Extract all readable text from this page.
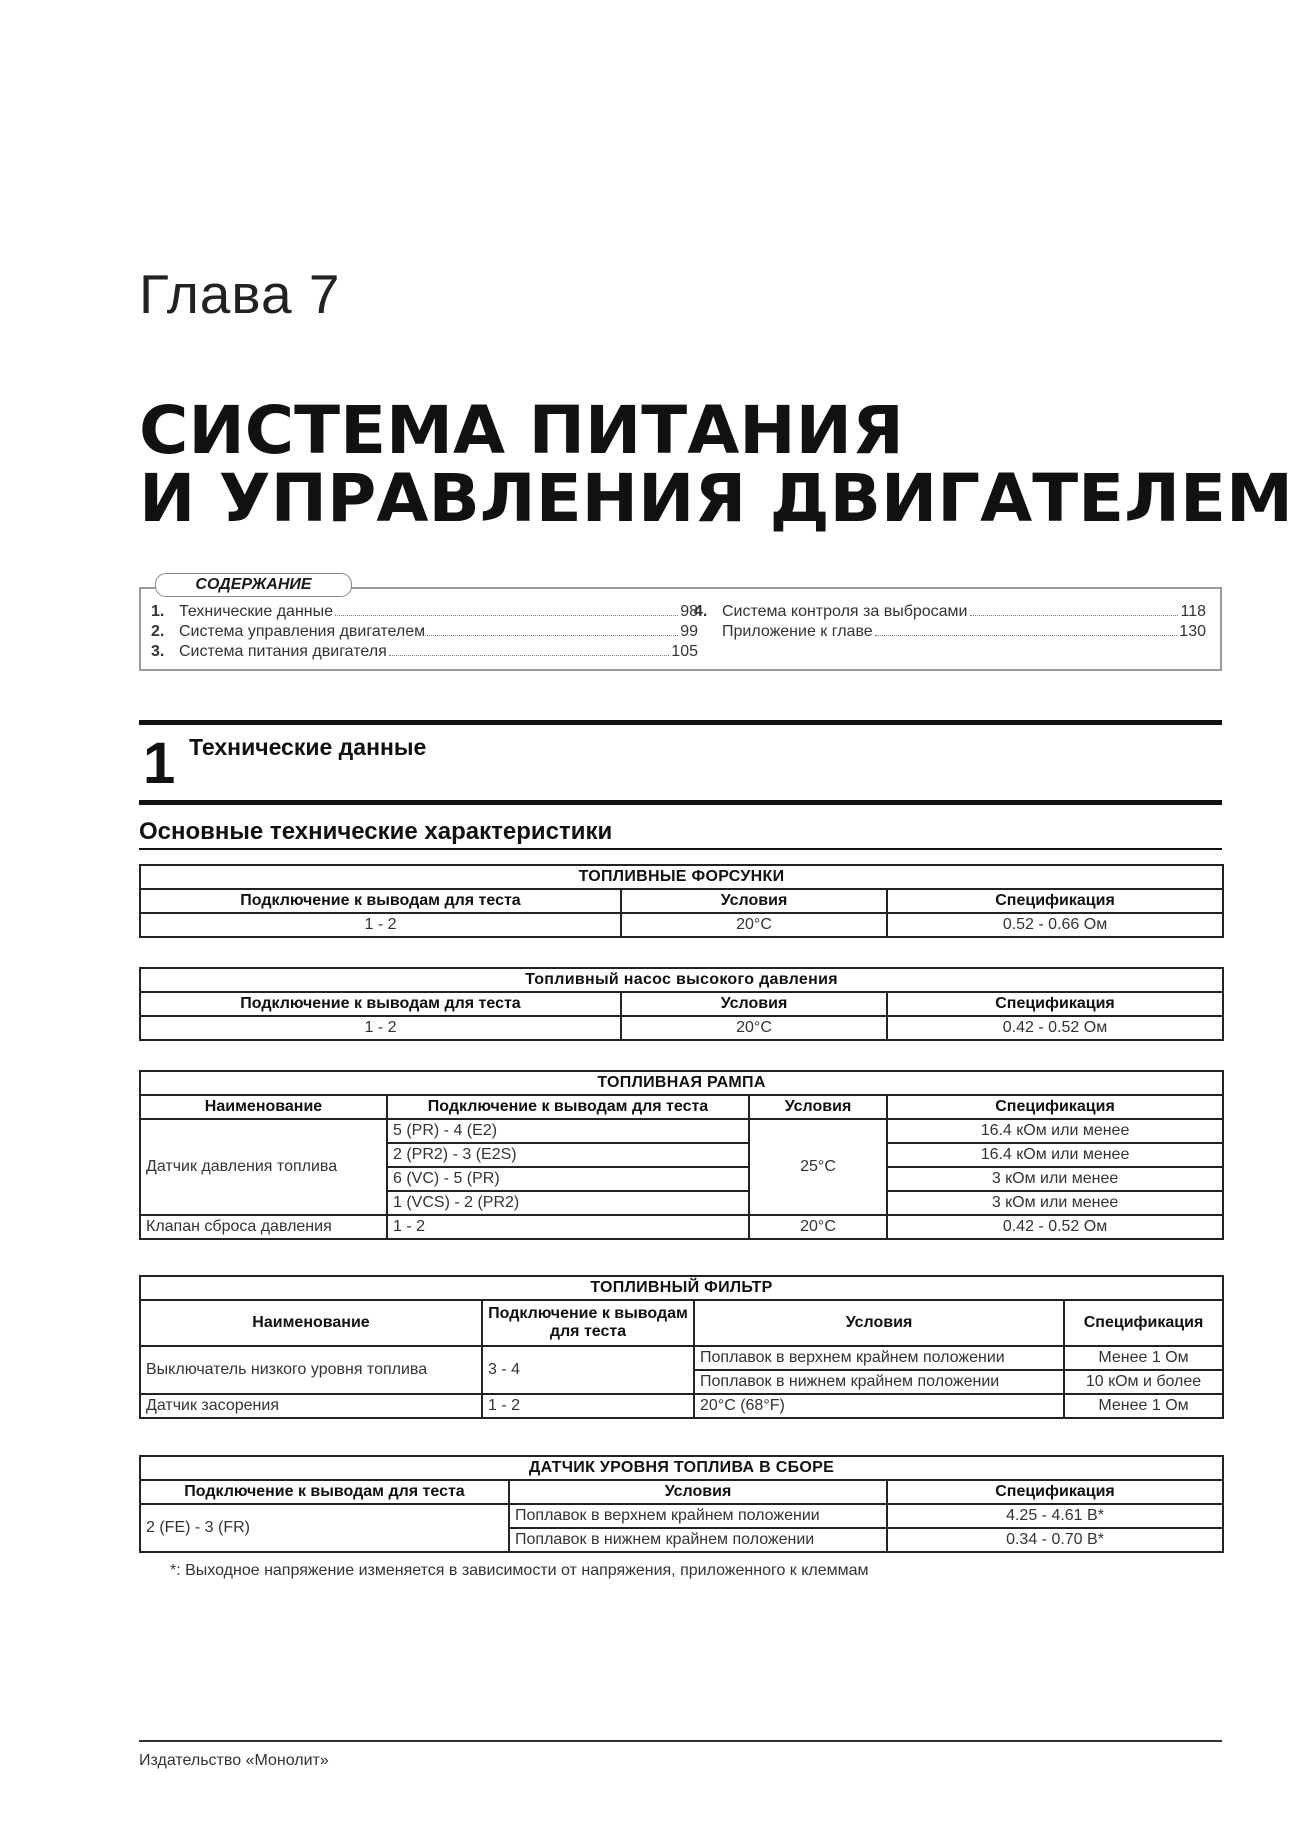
Глава 7
СИСТЕМА ПИТАНИЯ
И УПРАВЛЕНИЯ ДВИГАТЕЛЕМ
1. Технические данные	98
2. Система управления двигателем	99
3. Система питания двигателя	105
4. Система контроля за выбросами	118
Приложение к главе	130
СОДЕРЖАНИЕ
1 Технические данные
Основные технические характеристики
ТОПЛИВНЫЕ ФОРСУНКИ		
Подключение к выводам для теста	Условия	Спецификация
1 - 2	20°C	0.52 - 0.66 Ом
Топливный насос высокого давления		
Подключение к выводам для теста	Условия	Спецификация
1 - 2	20°C	0.42 - 0.52 Ом
ТОПЛИВНАЯ РАМПА			
Наименование	Подключение к выводам для теста	Условия	Спецификация
Датчик давления топлива	5 (PR) - 4 (E2)	25°C	16.4 кОм или менее
	2 (PR2) - 3 (E2S)		16.4 кОм или менее
	6 (VC) - 5 (PR)		3 кОм или менее
	1 (VCS) - 2 (PR2)		3 кОм или менее
Клапан сброса давления	1 - 2	20°C	0.42 - 0.52 Ом
ТОПЛИВНЫЙ ФИЛЬТР			
Наименование	Подключение к выводам для теста	Условия	Спецификация
Выключатель низкого уровня топлива	3 - 4	Поплавок в верхнем крайнем положении	Менее 1 Ом
		Поплавок в нижнем крайнем положении	10 кОм и более
Датчик засорения	1 - 2	20°C (68°F)	Менее 1 Ом
ДАТЧИК УРОВНЯ ТОПЛИВА В СБОРЕ		
Подключение к выводам для теста	Условия	Спецификация
2 (FE) - 3 (FR)	Поплавок в верхнем крайнем положении	4.25 - 4.61 В*
	Поплавок в нижнем крайнем положении	0.34 - 0.70 В*
*: Выходное напряжение изменяется в зависимости от напряжения, приложенного к клеммам
Издательство «Монолит»
